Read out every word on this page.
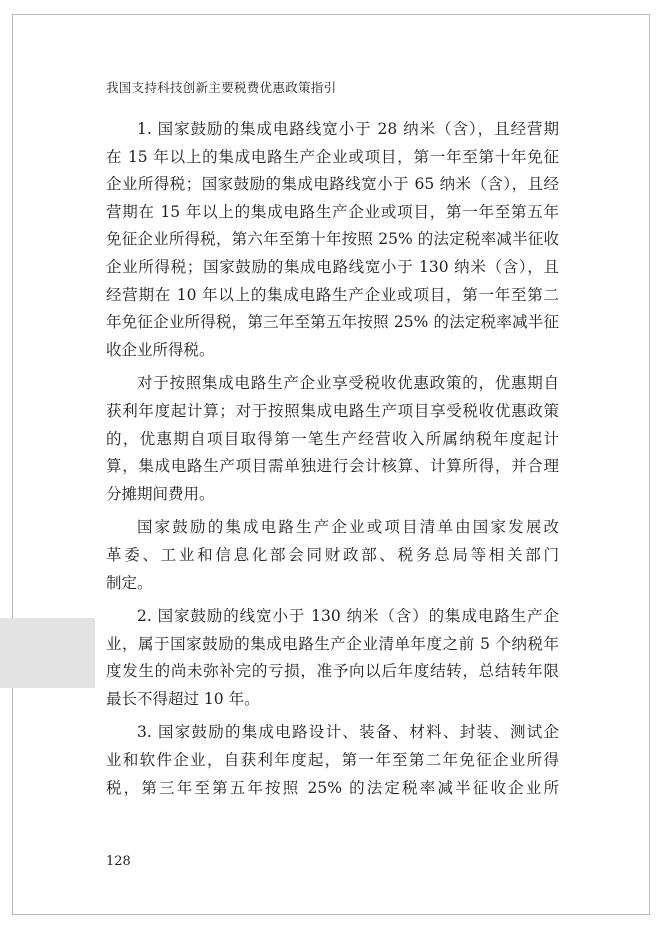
我国支持科技创新主要税费优惠政策指引
1. 国家鼓励的集成电路线宽小于 28 纳米（含），且经营期
在 15 年以上的集成电路生产企业或项目，第一年至第十年免征
企业所得税；国家鼓励的集成电路线宽小于 65 纳米（含），且经
营期在 15 年以上的集成电路生产企业或项目，第一年至第五年
免征企业所得税，第六年至第十年按照 25% 的法定税率减半征收
企业所得税；国家鼓励的集成电路线宽小于 130 纳米（含），且
经营期在 10 年以上的集成电路生产企业或项目，第一年至第二
年免征企业所得税，第三年至第五年按照 25% 的法定税率减半征
收企业所得税。
对于按照集成电路生产企业享受税收优惠政策的，优惠期自
获利年度起计算；对于按照集成电路生产项目享受税收优惠政策
的，优惠期自项目取得第一笔生产经营收入所属纳税年度起计
算，集成电路生产项目需单独进行会计核算、计算所得，并合理
分摊期间费用。
国家鼓励的集成电路生产企业或项目清单由国家发展改
革委、工业和信息化部会同财政部、税务总局等相关部门
制定。
2. 国家鼓励的线宽小于 130 纳米（含）的集成电路生产企
业，属于国家鼓励的集成电路生产企业清单年度之前 5 个纳税年
度发生的尚未弥补完的亏损，准予向以后年度结转，总结转年限
最长不得超过 10 年。
3. 国家鼓励的集成电路设计、装备、材料、封装、测试企
业和软件企业，自获利年度起，第一年至第二年免征企业所得
税，第三年至第五年按照 25% 的法定税率减半征收企业所
128
